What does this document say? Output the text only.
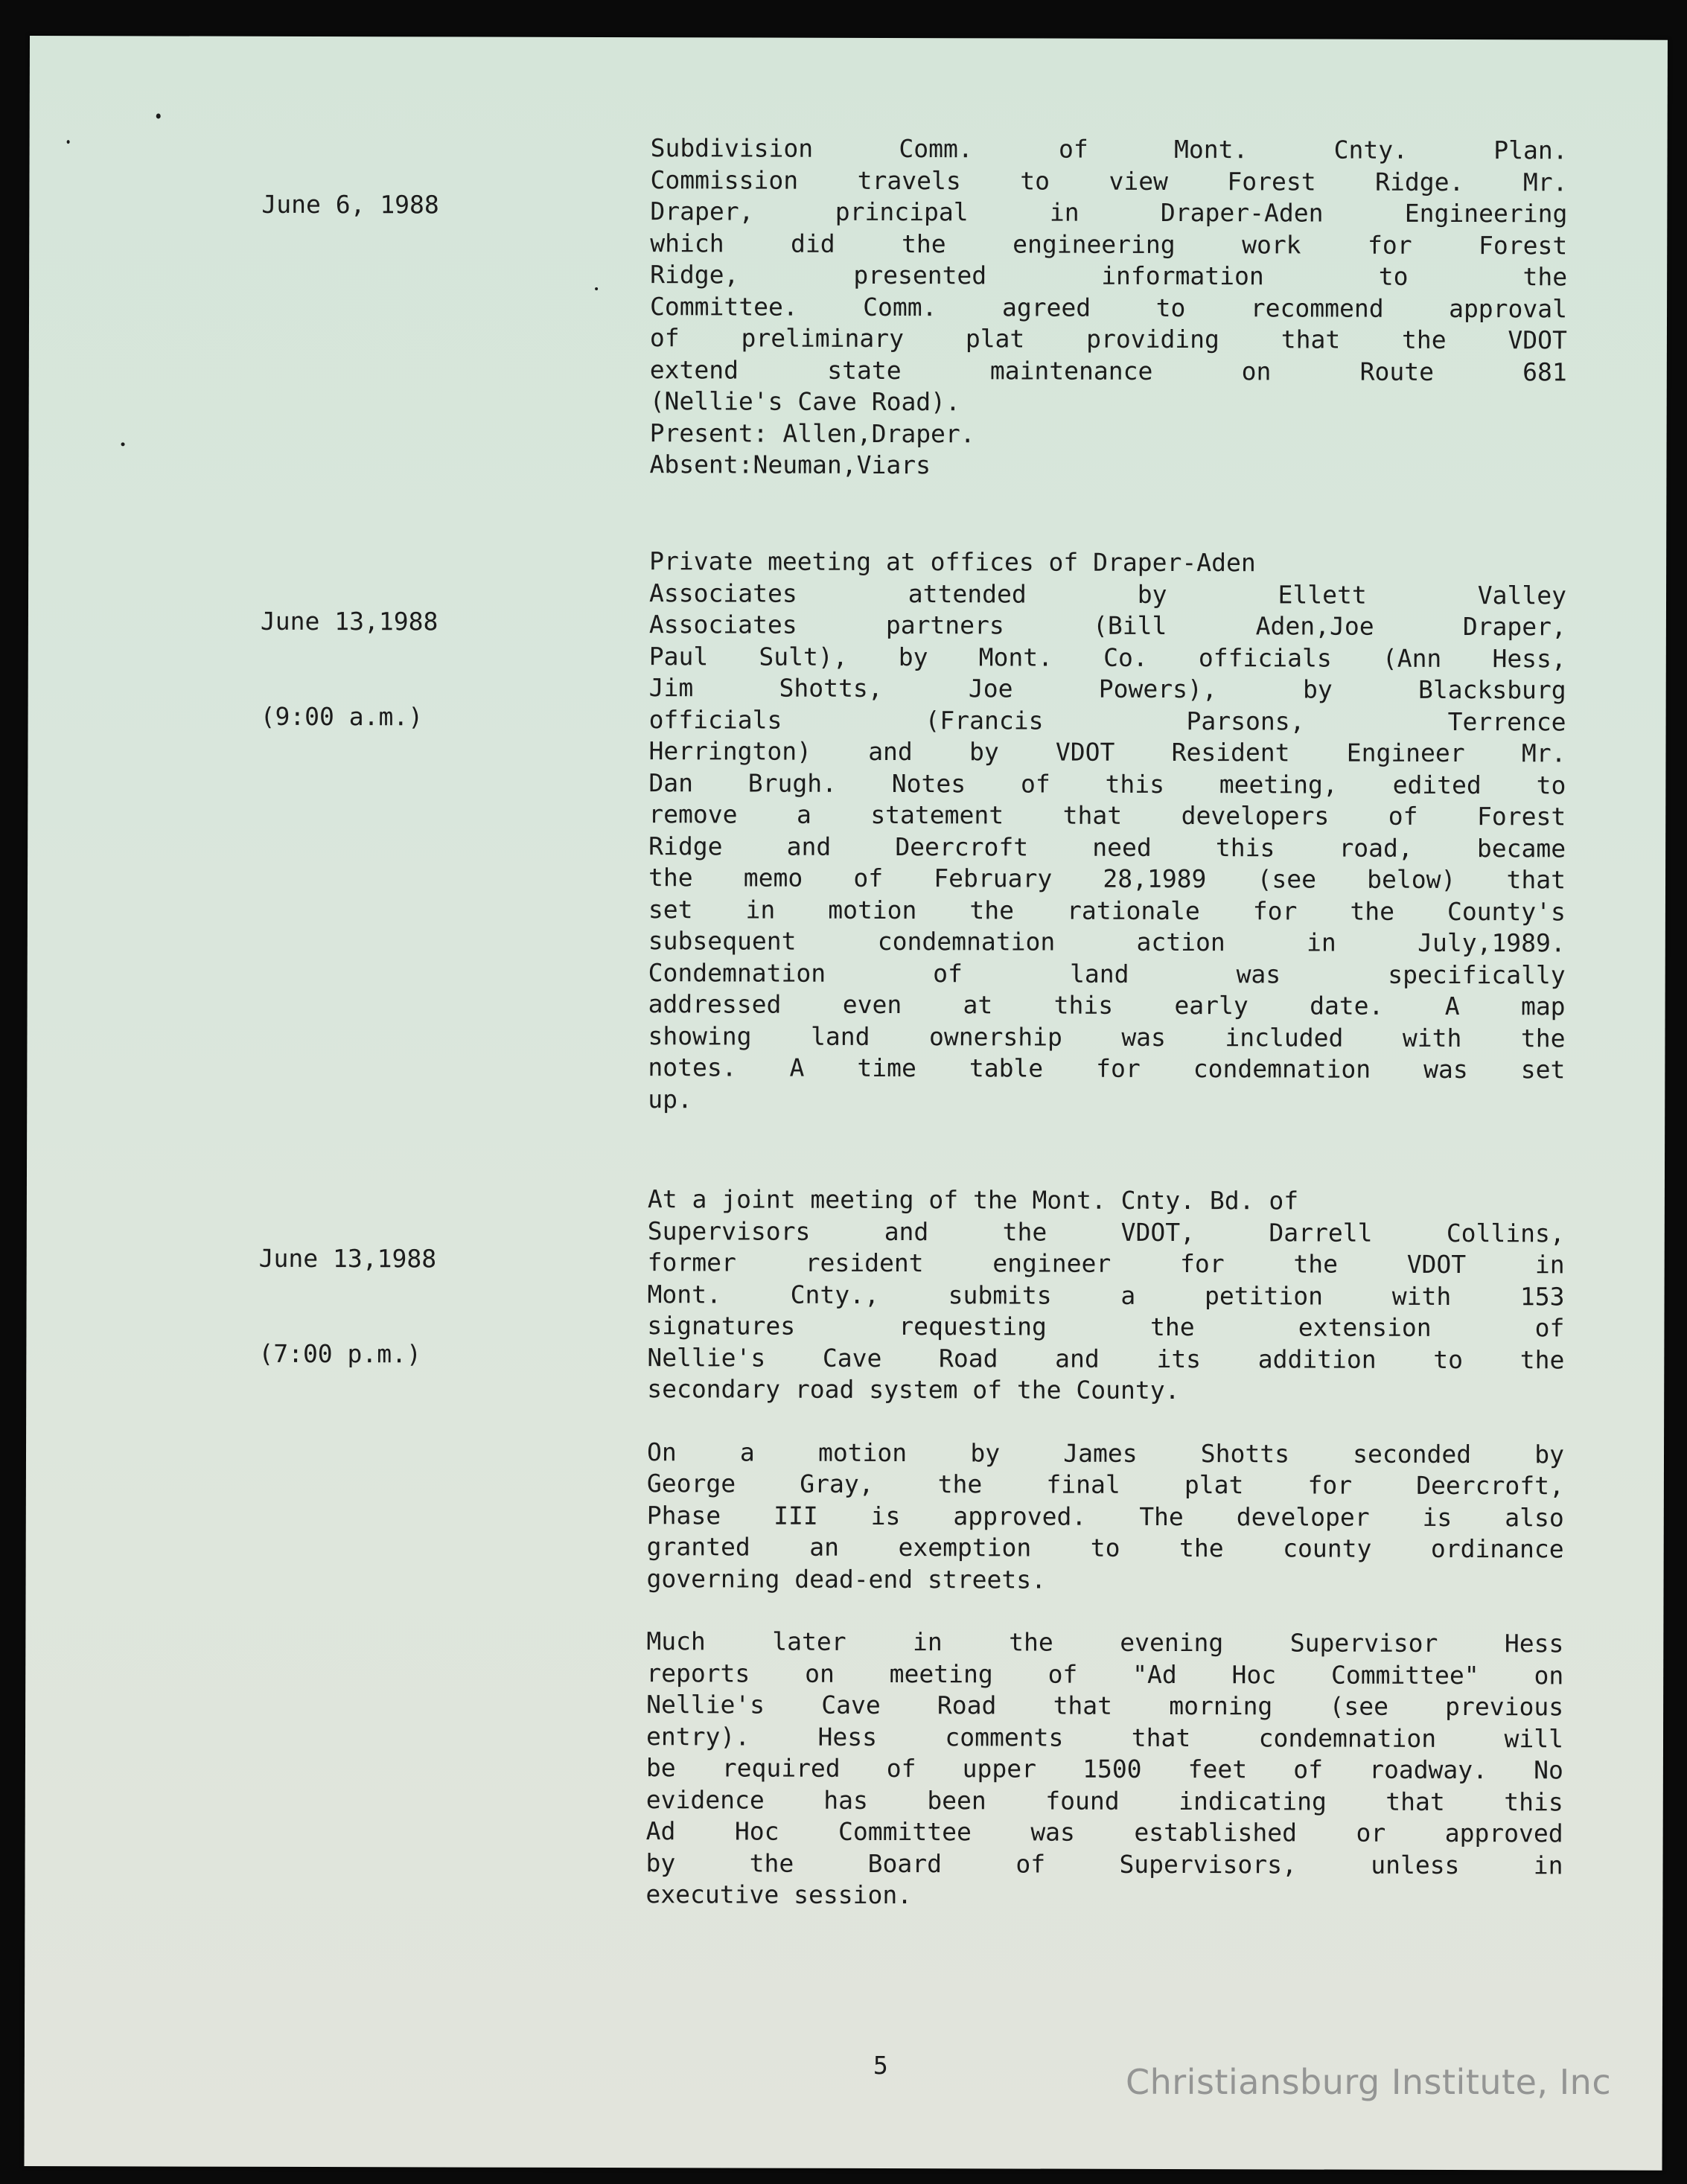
June 6, 1988

Subdivision Comm. of Mont. Cnty. Plan.
Commission travels to view Forest Ridge. Mr.
Draper, principal in Draper-Aden Engineering
which did the engineering work for Forest
Ridge, presented information to the
Committee. Comm. agreed to recommend approval
of preliminary plat providing that the VDOT
extend state maintenance on Route 681
(Nellie's Cave Road).
Present: Allen,Draper.
Absent:Neuman,Viars

June 13,1988

(9:00 a.m.)

Private meeting at offices of Draper-Aden
Associates attended by Ellett Valley
Associates partners (Bill Aden,Joe Draper,
Paul Sult), by Mont. Co. officials (Ann Hess,
Jim Shotts, Joe Powers), by Blacksburg
officials (Francis Parsons, Terrence
Herrington) and by VDOT Resident Engineer Mr.
Dan Brugh. Notes of this meeting, edited to
remove a statement that developers of Forest
Ridge and Deercroft need this road, became
the memo of February 28,1989 (see below) that
set in motion the rationale for the County's
subsequent condemnation action in July,1989.
Condemnation of land was specifically
addressed even at this early date. A map
showing land ownership was included with the
notes. A time table for condemnation was set
up.

June 13,1988

(7:00 p.m.)

At a joint meeting of the Mont. Cnty. Bd. of
Supervisors and the VDOT, Darrell Collins,
former resident engineer for the VDOT in
Mont. Cnty., submits a petition with 153
signatures requesting the extension of
Nellie's Cave Road and its addition to the
secondary road system of the County.
On a motion by James Shotts seconded by
George Gray, the final plat for Deercroft,
Phase III is approved. The developer is also
granted an exemption to the county ordinance
governing dead-end streets.
Much later in the evening Supervisor Hess
reports on meeting of "Ad Hoc Committee" on
Nellie's Cave Road that morning (see previous
entry). Hess comments that condemnation will
be required of upper 1500 feet of roadway. No
evidence has been found indicating that this
Ad Hoc Committee was established or approved
by the Board of Supervisors, unless in
executive session.
5	Christiansburg Institute, Inc
